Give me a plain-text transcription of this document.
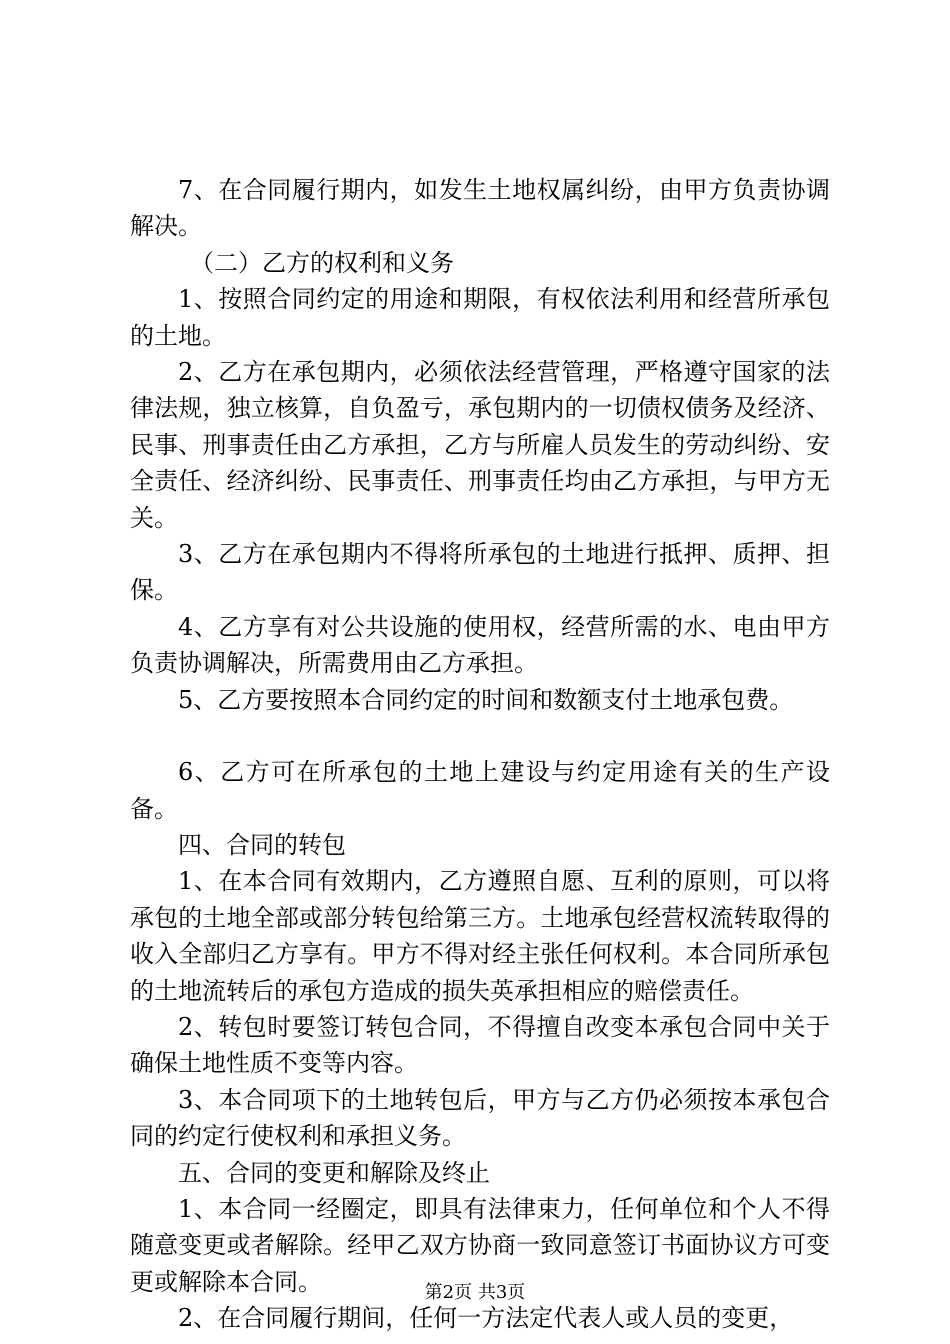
7、在合同履行期内，如发生土地权属纠纷，由甲方负责协调解决。

（二）乙方的权利和义务

1、按照合同约定的用途和期限，有权依法利用和经营所承包的土地。

2、乙方在承包期内，必须依法经营管理，严格遵守国家的法律法规，独立核算，自负盈亏，承包期内的一切债权债务及经济、民事、刑事责任由乙方承担，乙方与所雇人员发生的劳动纠纷、安全责任、经济纠纷、民事责任、刑事责任均由乙方承担，与甲方无关。

3、乙方在承包期内不得将所承包的土地进行抵押、质押、担保。

4、乙方享有对公共设施的使用权，经营所需的水、电由甲方负责协调解决，所需费用由乙方承担。

5、乙方要按照本合同约定的时间和数额支付土地承包费。

6、乙方可在所承包的土地上建设与约定用途有关的生产设备。

四、合同的转包

1、在本合同有效期内，乙方遵照自愿、互利的原则，可以将承包的土地全部或部分转包给第三方。土地承包经营权流转取得的收入全部归乙方享有。甲方不得对经主张任何权利。本合同所承包的土地流转后的承包方造成的损失英承担相应的赔偿责任。

2、转包时要签订转包合同，不得擅自改变本承包合同中关于确保土地性质不变等内容。

3、本合同项下的土地转包后，甲方与乙方仍必须按本承包合同的约定行使权利和承担义务。

五、合同的变更和解除及终止

1、本合同一经圈定，即具有法律束力，任何单位和个人不得随意变更或者解除。经甲乙双方协商一致同意签订书面协议方可变更或解除本合同。

2、在合同履行期间，任何一方法定代表人或人员的变更，

第2页 共3页
